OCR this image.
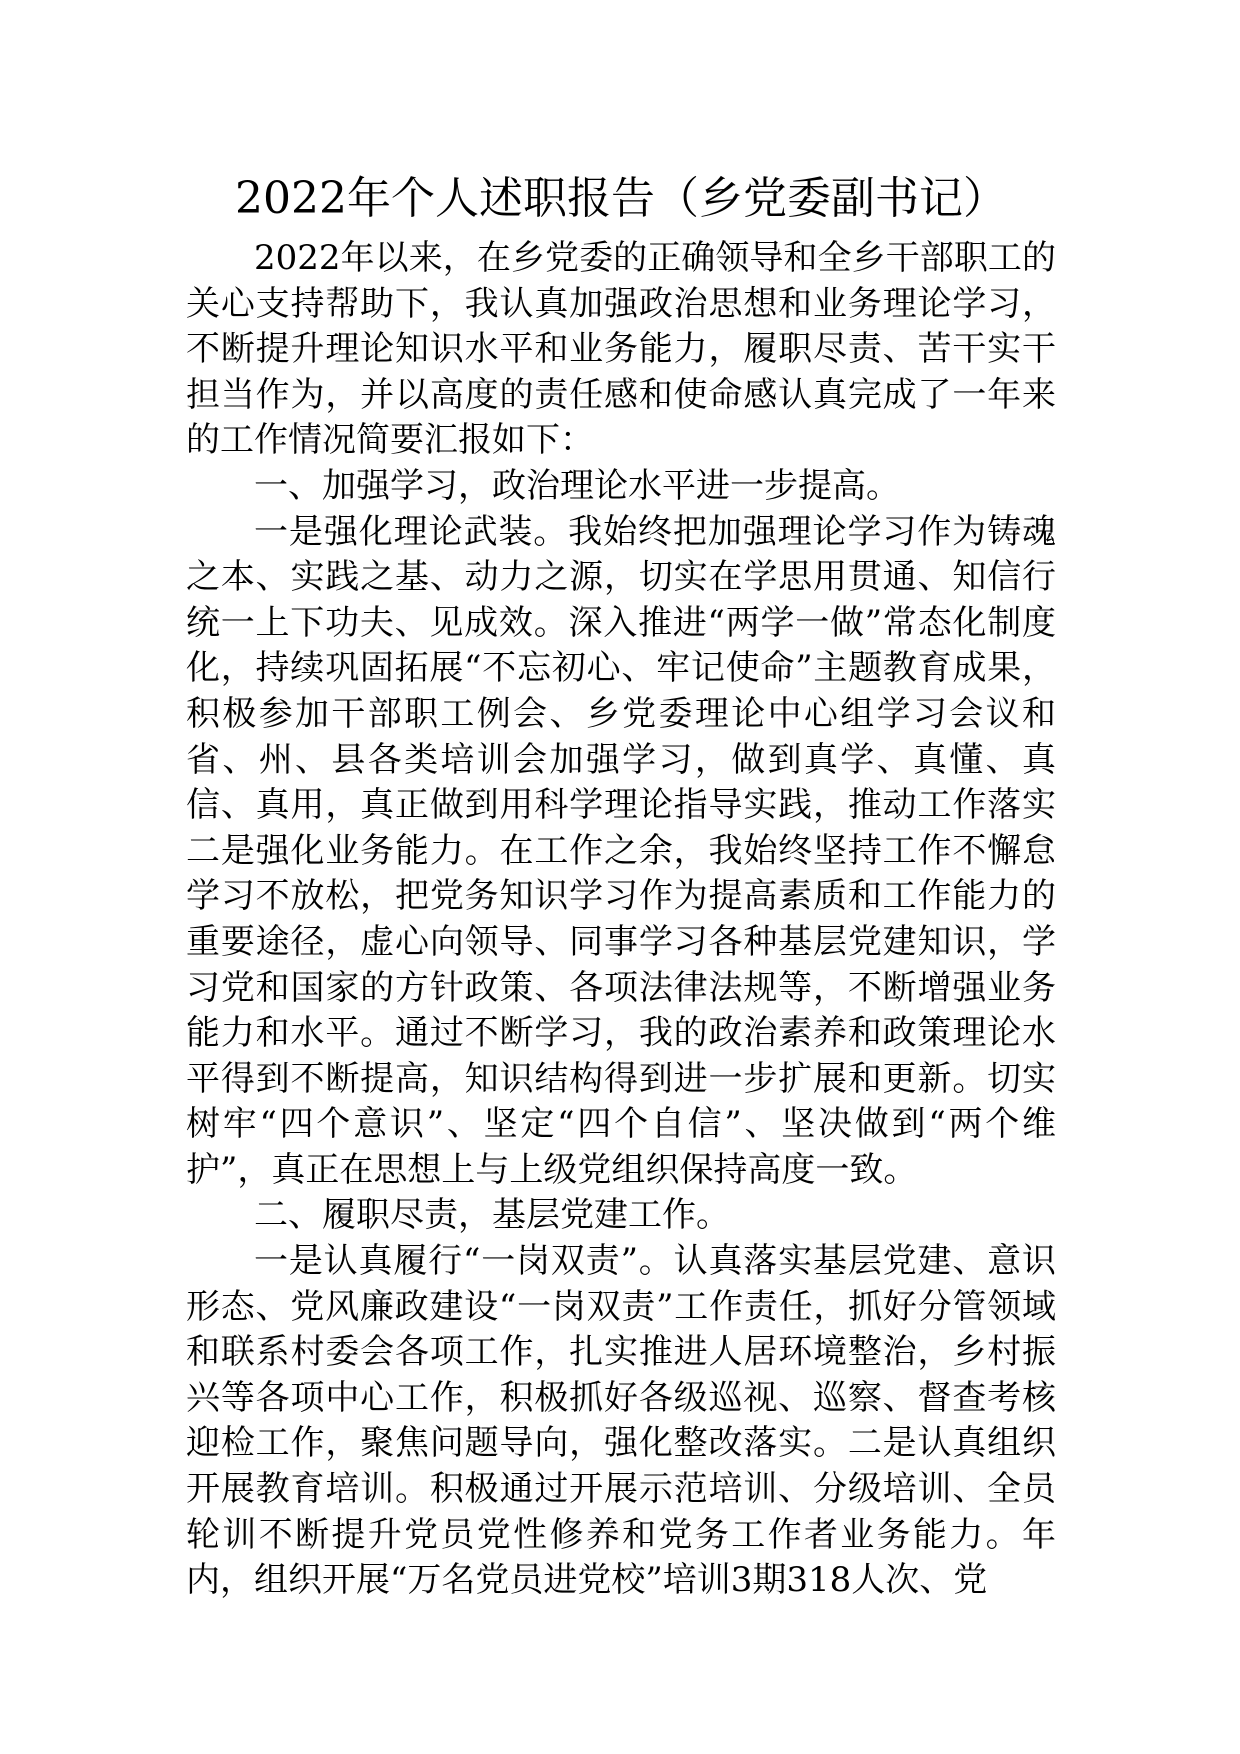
2022年个人述职报告（乡党委副书记）

2022年以来，在乡党委的正确领导和全乡干部职工的关心支持帮助下，我认真加强政治思想和业务理论学习，不断提升理论知识水平和业务能力，履职尽责、苦干实干担当作为，并以高度的责任感和使命感认真完成了一年来的工作情况简要汇报如下：

一、加强学习，政治理论水平进一步提高。

一是强化理论武装。我始终把加强理论学习作为铸魂之本、实践之基、动力之源，切实在学思用贯通、知信行统一上下功夫、见成效。深入推进“两学一做”常态化制度化，持续巩固拓展“不忘初心、牢记使命”主题教育成果，积极参加干部职工例会、乡党委理论中心组学习会议和省、州、县各类培训会加强学习，做到真学、真懂、真信、真用，真正做到用科学理论指导实践，推动工作落实二是强化业务能力。在工作之余，我始终坚持工作不懈怠学习不放松，把党务知识学习作为提高素质和工作能力的重要途径，虚心向领导、同事学习各种基层党建知识，学习党和国家的方针政策、各项法律法规等，不断增强业务能力和水平。通过不断学习，我的政治素养和政策理论水平得到不断提高，知识结构得到进一步扩展和更新。切实树牢“四个意识”、坚定“四个自信”、坚决做到“两个维护”，真正在思想上与上级党组织保持高度一致。

二、履职尽责，基层党建工作。

一是认真履行“一岗双责”。认真落实基层党建、意识形态、党风廉政建设“一岗双责”工作责任，抓好分管领域和联系村委会各项工作，扎实推进人居环境整治，乡村振兴等各项中心工作，积极抓好各级巡视、巡察、督查考核迎检工作，聚焦问题导向，强化整改落实。二是认真组织开展教育培训。积极通过开展示范培训、分级培训、全员轮训不断提升党员党性修养和党务工作者业务能力。年内，组织开展“万名党员进党校”培训3期318人次、党
